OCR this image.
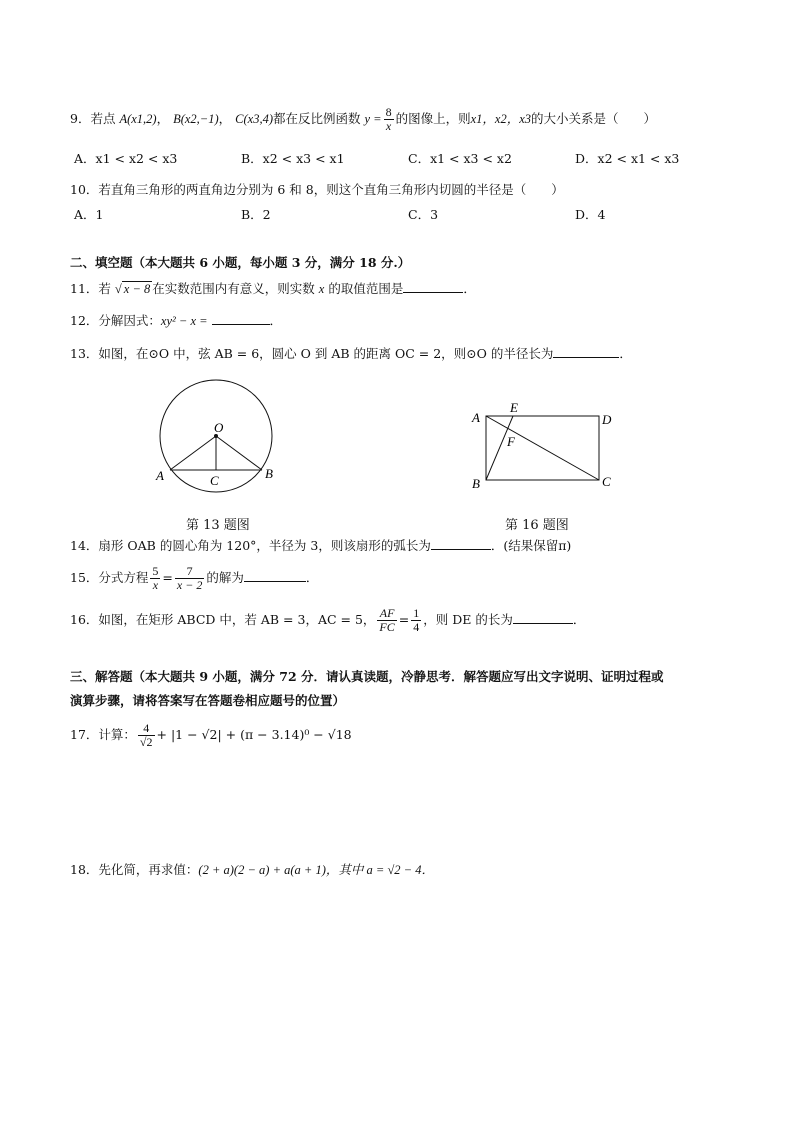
9．若点 A(x1,2)， B(x2,−1)， C(x3,4)都在反比例函数 $y = \frac{8}{x}$ 的图像上，则x1，x2，x3的大小关系是（　　）
A．x1 < x2 < x3	B．x2 < x3 < x1	C．x1 < x3 < x2	D．x2 < x1 < x3
10．若直角三角形的两直角边分别为 6 和 8，则这个直角三角形内切圆的半径是（　　）
A．1	B．2	C．3	D．4
二、填空题（本大题共 6 小题，每小题 3 分，满分 18 分.）
11．若 √ x − 8 在实数范围内有意义，则实数 x 的取值范围是	．
12．分解因式：xy² − x =	．
13．如图，在⊙O 中，弦 AB = 6，圆心 O 到 AB 的距离 OC = 2，则⊙O 的半径长为	．
O
A	B
C
第 13 题图
A
E
D
F
B	C
第 16 题图
14．扇形 OAB 的圆心角为 120°，半径为 3，则该扇形的弧长为	．(结果保留π)
15．分式方程 $\frac{5}{x} = \frac{7}{x - 2}$ 的解为	．
16．如图，在矩形 ABCD 中，若 AB = 3，AC = 5， $\frac{AF}{FC} = \frac{1}{4}$ ，则 DE 的长为	．
三、解答题（本大题共 9 小题，满分 72 分．请认真读题，冷静思考．解答题应写出文字说明、证明过程或
演算步骤，请将答案写在答题卷相应题号的位置）
17．计算： $\frac{4}{√2} + |1 - √2| + (\pi - 3.14)^0 - √18$
18．先化简，再求值：(2 + a)(2 − a) + a(a + 1)，其中 a = √2 − 4．
